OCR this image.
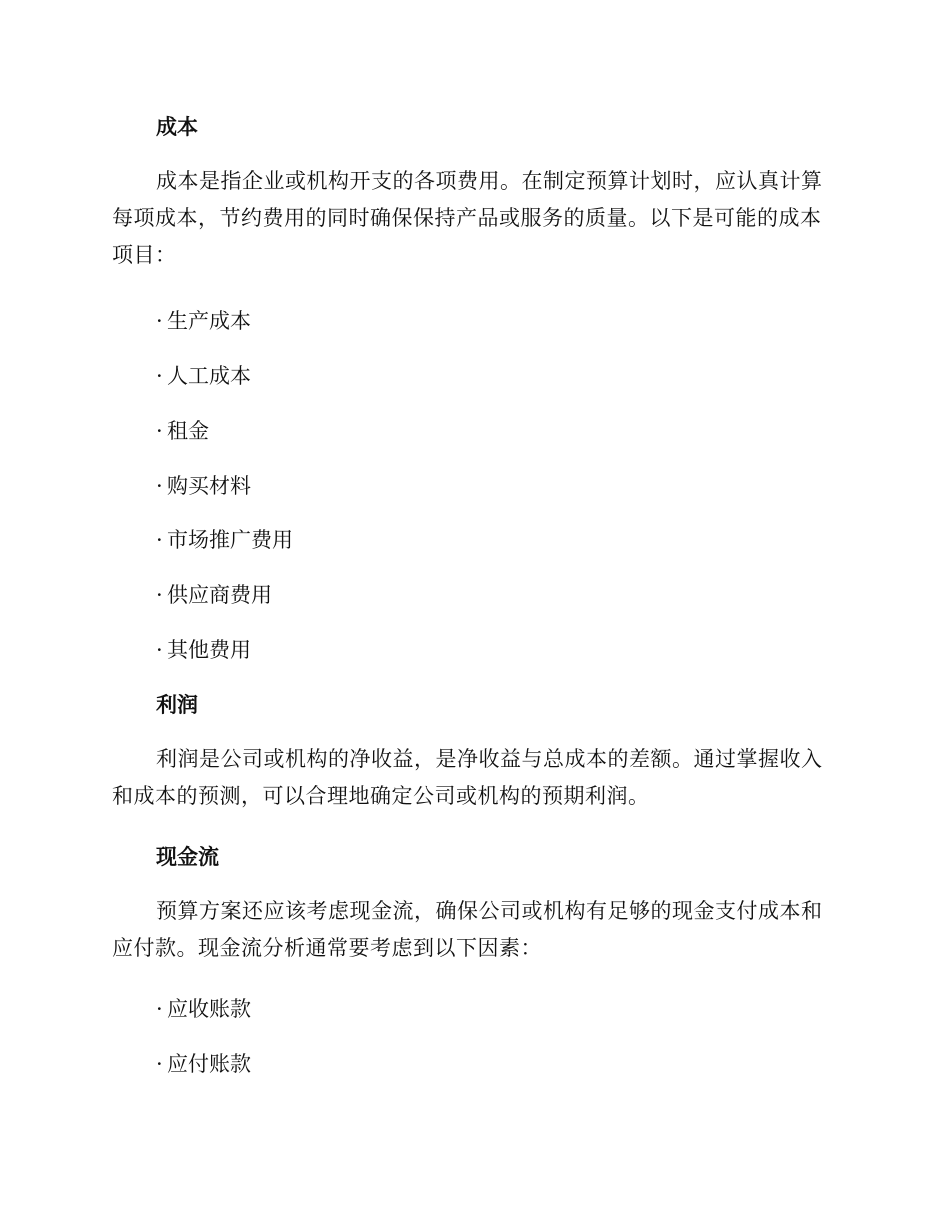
成本
成本是指企业或机构开支的各项费用。在制定预算计划时，应认真计算每项成本，节约费用的同时确保保持产品或服务的质量。以下是可能的成本项目：
· 生产成本
· 人工成本
· 租金
· 购买材料
· 市场推广费用
· 供应商费用
· 其他费用
利润
利润是公司或机构的净收益，是净收益与总成本的差额。通过掌握收入和成本的预测，可以合理地确定公司或机构的预期利润。
现金流
预算方案还应该考虑现金流，确保公司或机构有足够的现金支付成本和应付款。现金流分析通常要考虑到以下因素：
· 应收账款
· 应付账款
